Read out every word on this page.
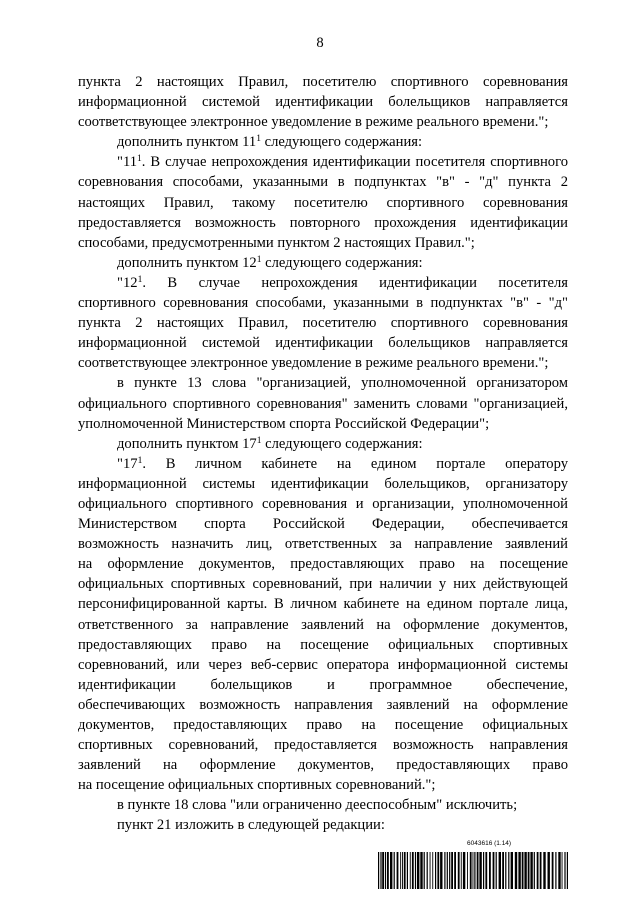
8
пункта 2 настоящих Правил, посетителю спортивного соревнования
информационной системой идентификации болельщиков направляется
соответствующее электронное уведомление в режиме реального времени.";
дополнить пунктом $11^1$ следующего содержания:
"$11^1$. В случае непрохождения идентификации посетителя спортивного
соревнования способами, указанными в подпунктах "в" - "д" пункта 2
настоящих Правил, такому посетителю спортивного соревнования
предоставляется возможность повторного прохождения идентификации
способами, предусмотренными пунктом 2 настоящих Правил.";
дополнить пунктом $12^1$ следующего содержания:
"$12^1$. В случае непрохождения идентификации посетителя
спортивного соревнования способами, указанными в подпунктах "в" - "д"
пункта 2 настоящих Правил, посетителю спортивного соревнования
информационной системой идентификации болельщиков направляется
соответствующее электронное уведомление в режиме реального времени.";
в пункте 13 слова "организацией, уполномоченной организатором
официального спортивного соревнования" заменить словами "организацией,
уполномоченной Министерством спорта Российской Федерации";
дополнить пунктом $17^1$ следующего содержания:
"$17^1$. В личном кабинете на едином портале оператору
информационной системы идентификации болельщиков, организатору
официального спортивного соревнования и организации, уполномоченной
Министерством спорта Российской Федерации, обеспечивается
возможность назначить лиц, ответственных за направление заявлений
на оформление документов, предоставляющих право на посещение
официальных спортивных соревнований, при наличии у них действующей
персонифицированной карты. В личном кабинете на едином портале лица,
ответственного за направление заявлений на оформление документов,
предоставляющих право на посещение официальных спортивных
соревнований, или через веб-сервис оператора информационной системы
идентификации болельщиков и программное обеспечение,
обеспечивающих возможность направления заявлений на оформление
документов, предоставляющих право на посещение официальных
спортивных соревнований, предоставляется возможность направления
заявлений на оформление документов, предоставляющих право
на посещение официальных спортивных соревнований.";
в пункте 18 слова "или ограниченно дееспособным" исключить;
пункт 21 изложить в следующей редакции:
6043616 (1.14)
